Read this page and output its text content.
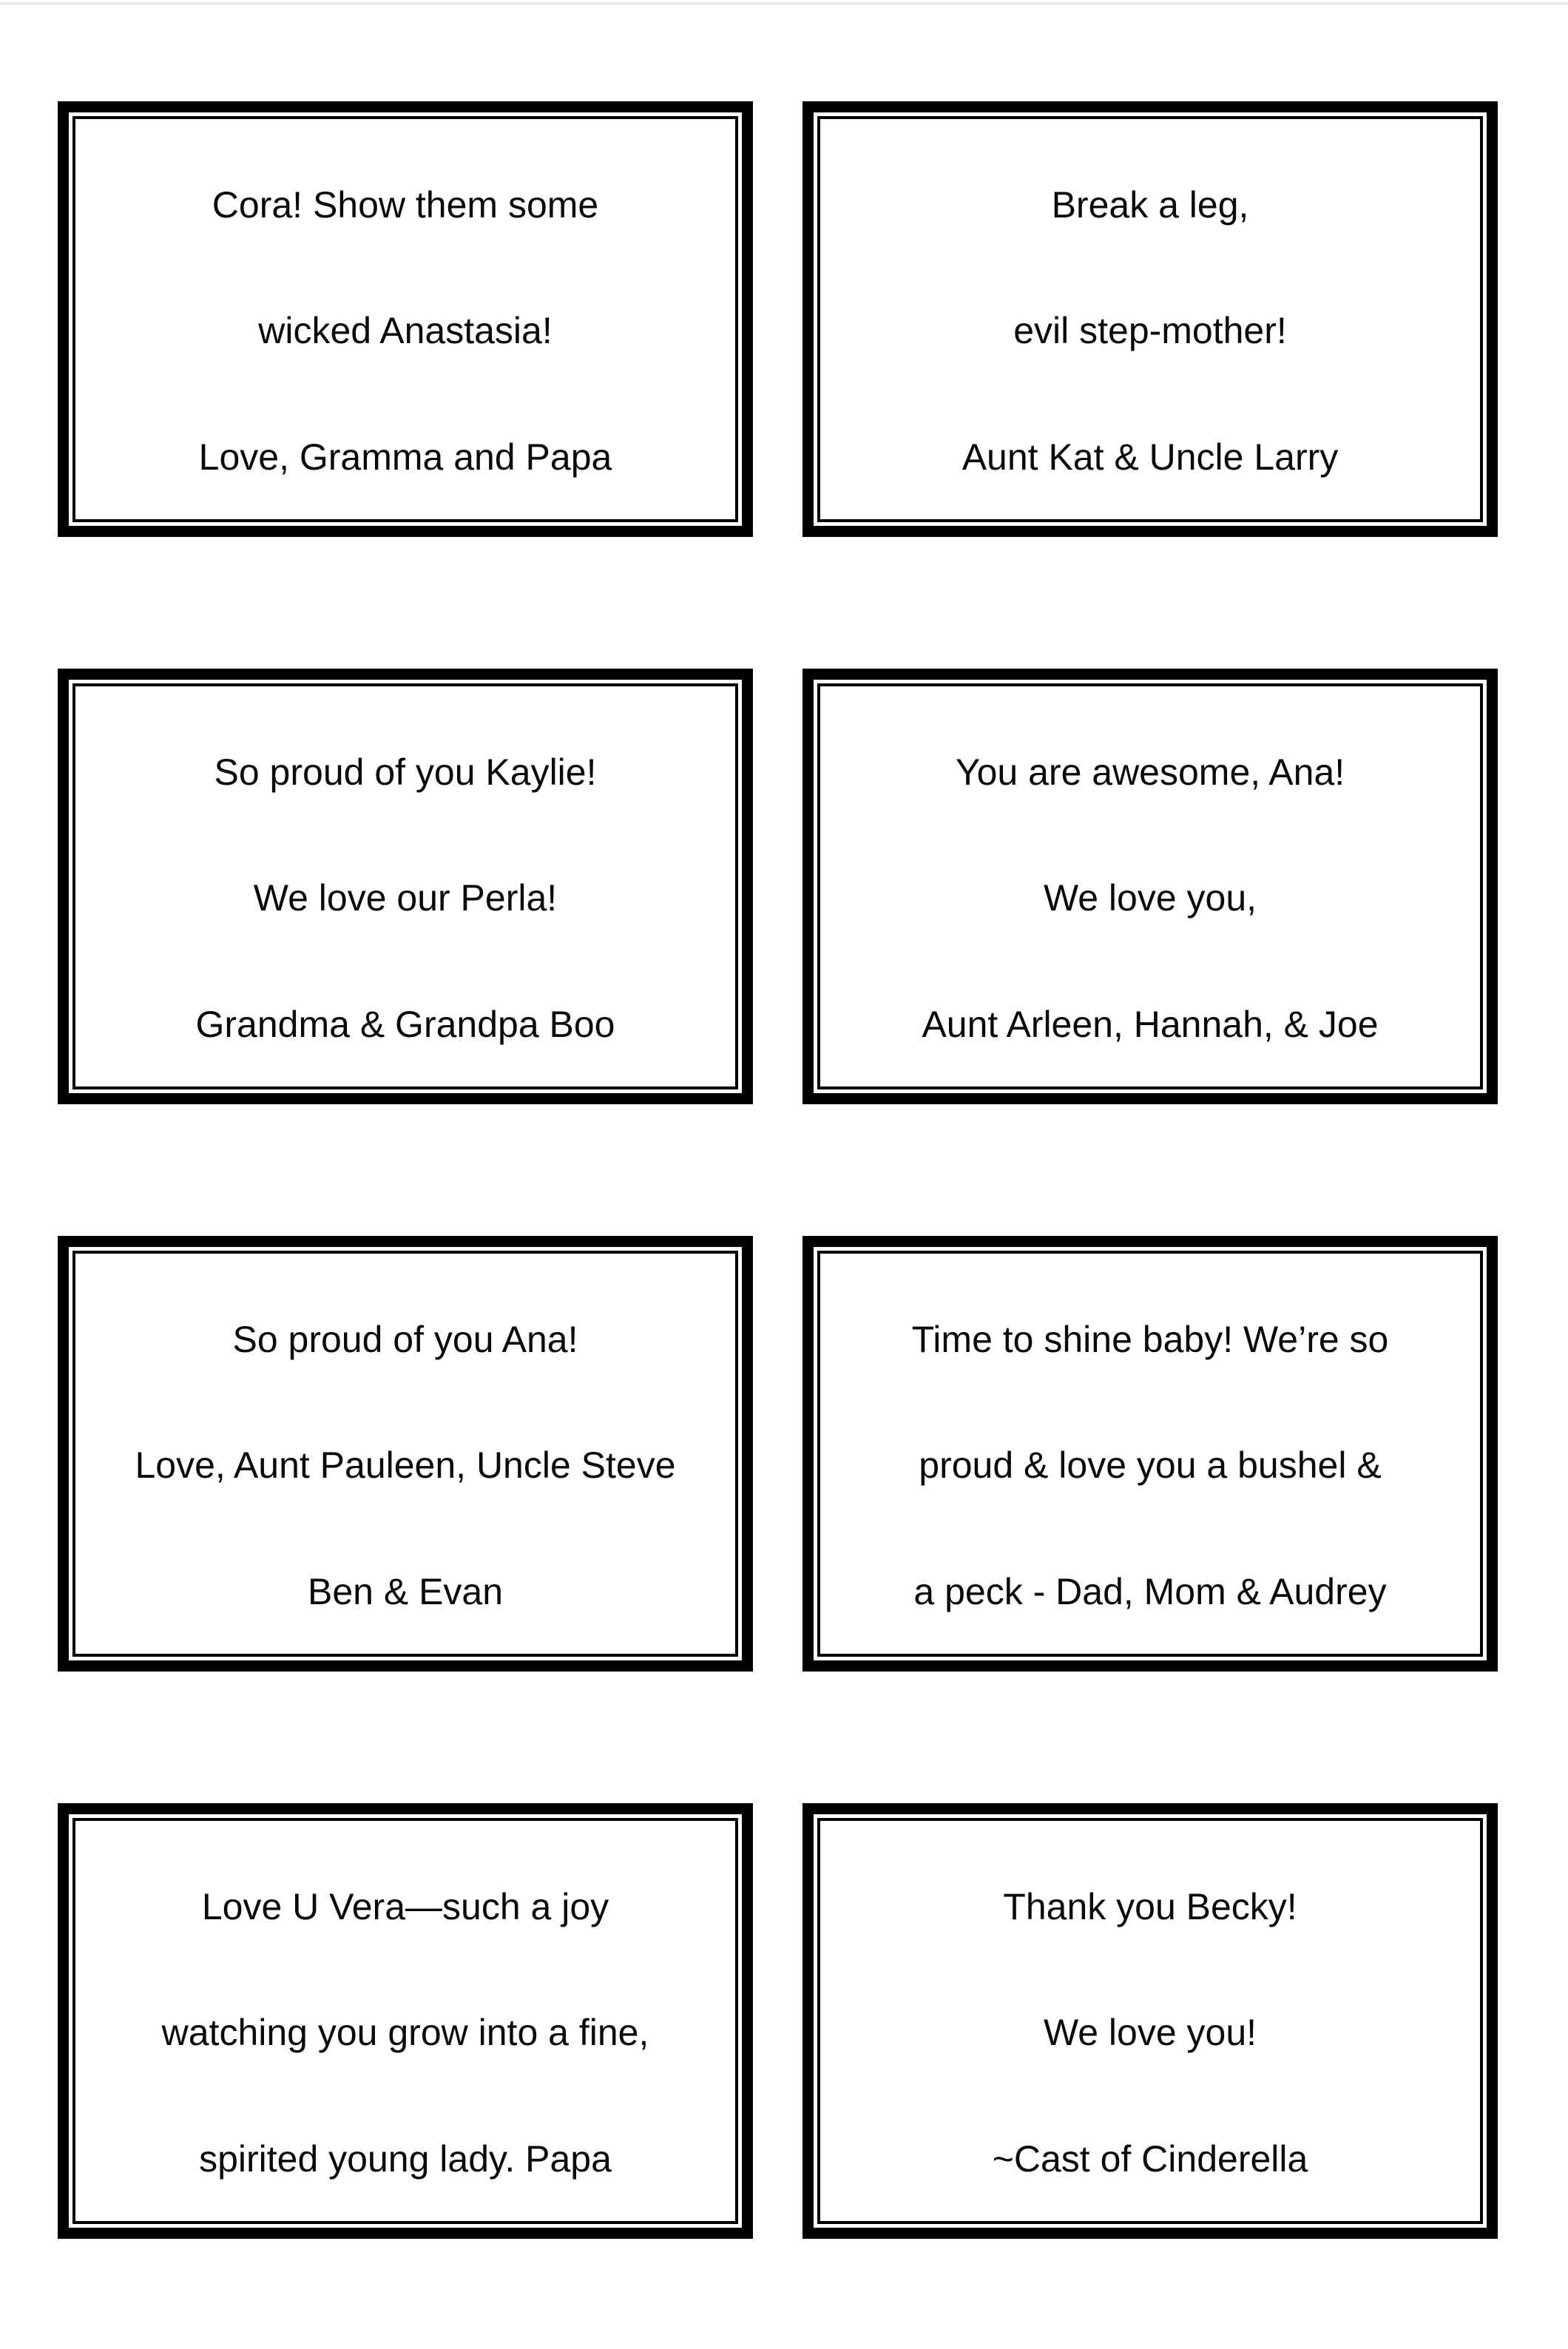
Cora! Show them some
wicked Anastasia!
Love, Gramma and Papa
Break a leg,
evil step-mother!
Aunt Kat & Uncle Larry
So proud of you Kaylie!
We love our Perla!
Grandma & Grandpa Boo
You are awesome, Ana!
We love you,
Aunt Arleen, Hannah, & Joe
So proud of you Ana!
Love, Aunt Pauleen, Uncle Steve
Ben & Evan
Time to shine baby! We’re so
proud & love you a bushel &
a peck - Dad, Mom & Audrey
Love U Vera—such a joy
watching you grow into a fine,
spirited young lady. Papa
Thank you Becky!
We love you!
~Cast of Cinderella
